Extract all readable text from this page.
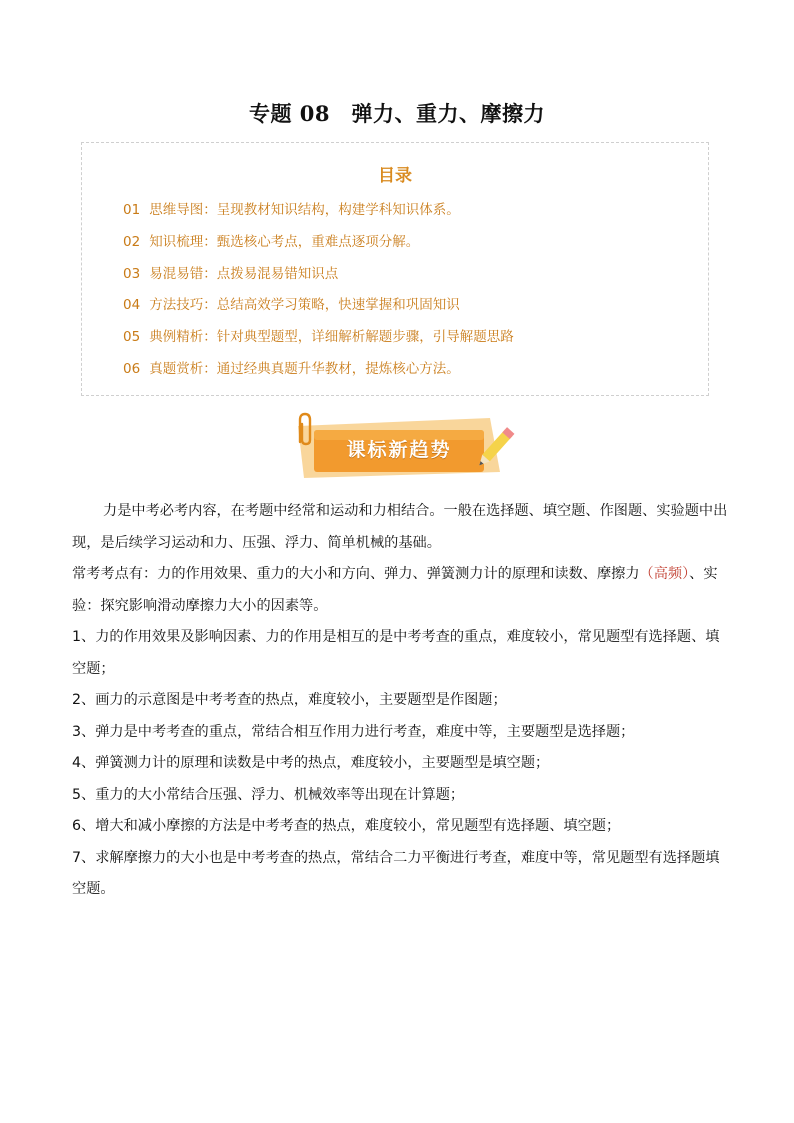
专题 08　弹力、重力、摩擦力
目录
01 思维导图：呈现教材知识结构，构建学科知识体系。
02 知识梳理：甄选核心考点，重难点逐项分解。
03 易混易错：点拨易混易错知识点
04 方法技巧：总结高效学习策略，快速掌握和巩固知识
05 典例精析：针对典型题型，详细解析解题步骤，引导解题思路
06 真题赏析：通过经典真题升华教材，提炼核心方法。
课标新趋势

力是中考必考内容，在考题中经常和运动和力相结合。一般在选择题、填空题、作图题、实验题中出现，是后续学习运动和力、压强、浮力、简单机械的基础。

常考考点有：力的作用效果、重力的大小和方向、弹力、弹簧测力计的原理和读数、摩擦力（高频）、实验：探究影响滑动摩擦力大小的因素等。

1、力的作用效果及影响因素、力的作用是相互的是中考考查的重点，难度较小，常见题型有选择题、填空题；

2、画力的示意图是中考考查的热点，难度较小，主要题型是作图题；

3、弹力是中考考查的重点，常结合相互作用力进行考查，难度中等，主要题型是选择题；

4、弹簧测力计的原理和读数是中考的热点，难度较小，主要题型是填空题；

5、重力的大小常结合压强、浮力、机械效率等出现在计算题；

6、增大和减小摩擦的方法是中考考查的热点，难度较小，常见题型有选择题、填空题；

7、求解摩擦力的大小也是中考考查的热点，常结合二力平衡进行考查，难度中等，常见题型有选择题填空题。
